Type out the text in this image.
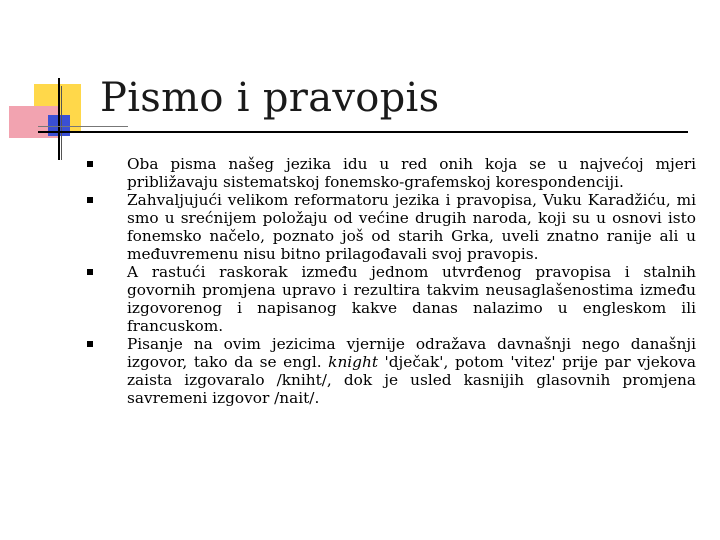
Pismo i pravopis
Oba pisma našeg jezika idu u red onih koja se u najvećoj mjeri približavaju sistematskoj fonemsko-grafemskoj korespondenciji.
Zahvaljujući velikom reformatoru jezika i pravopisa, Vuku Karadžiću, mi smo u srećnijem položaju od većine drugih naroda, koji su u osnovi isto fonemsko načelo, poznato još od starih Grka, uveli znatno ranije ali u međuvremenu nisu bitno prilagođavali svoj pravopis.
A rastući raskorak između jednom utvrđenog pravopisa i stalnih govornih promjena upravo i rezultira takvim neusaglašenostima između izgovorenog i napisanog kakve danas nalazimo u engleskom ili francuskom.
Pisanje na ovim jezicima vjernije odražava davnašnji nego današnji izgovor, tako da se engl. knight 'dječak', potom 'vitez' prije par vjekova zaista izgovaralo /kniht/, dok je usled kasnijih glasovnih promjena savremeni izgovor /nait/.
